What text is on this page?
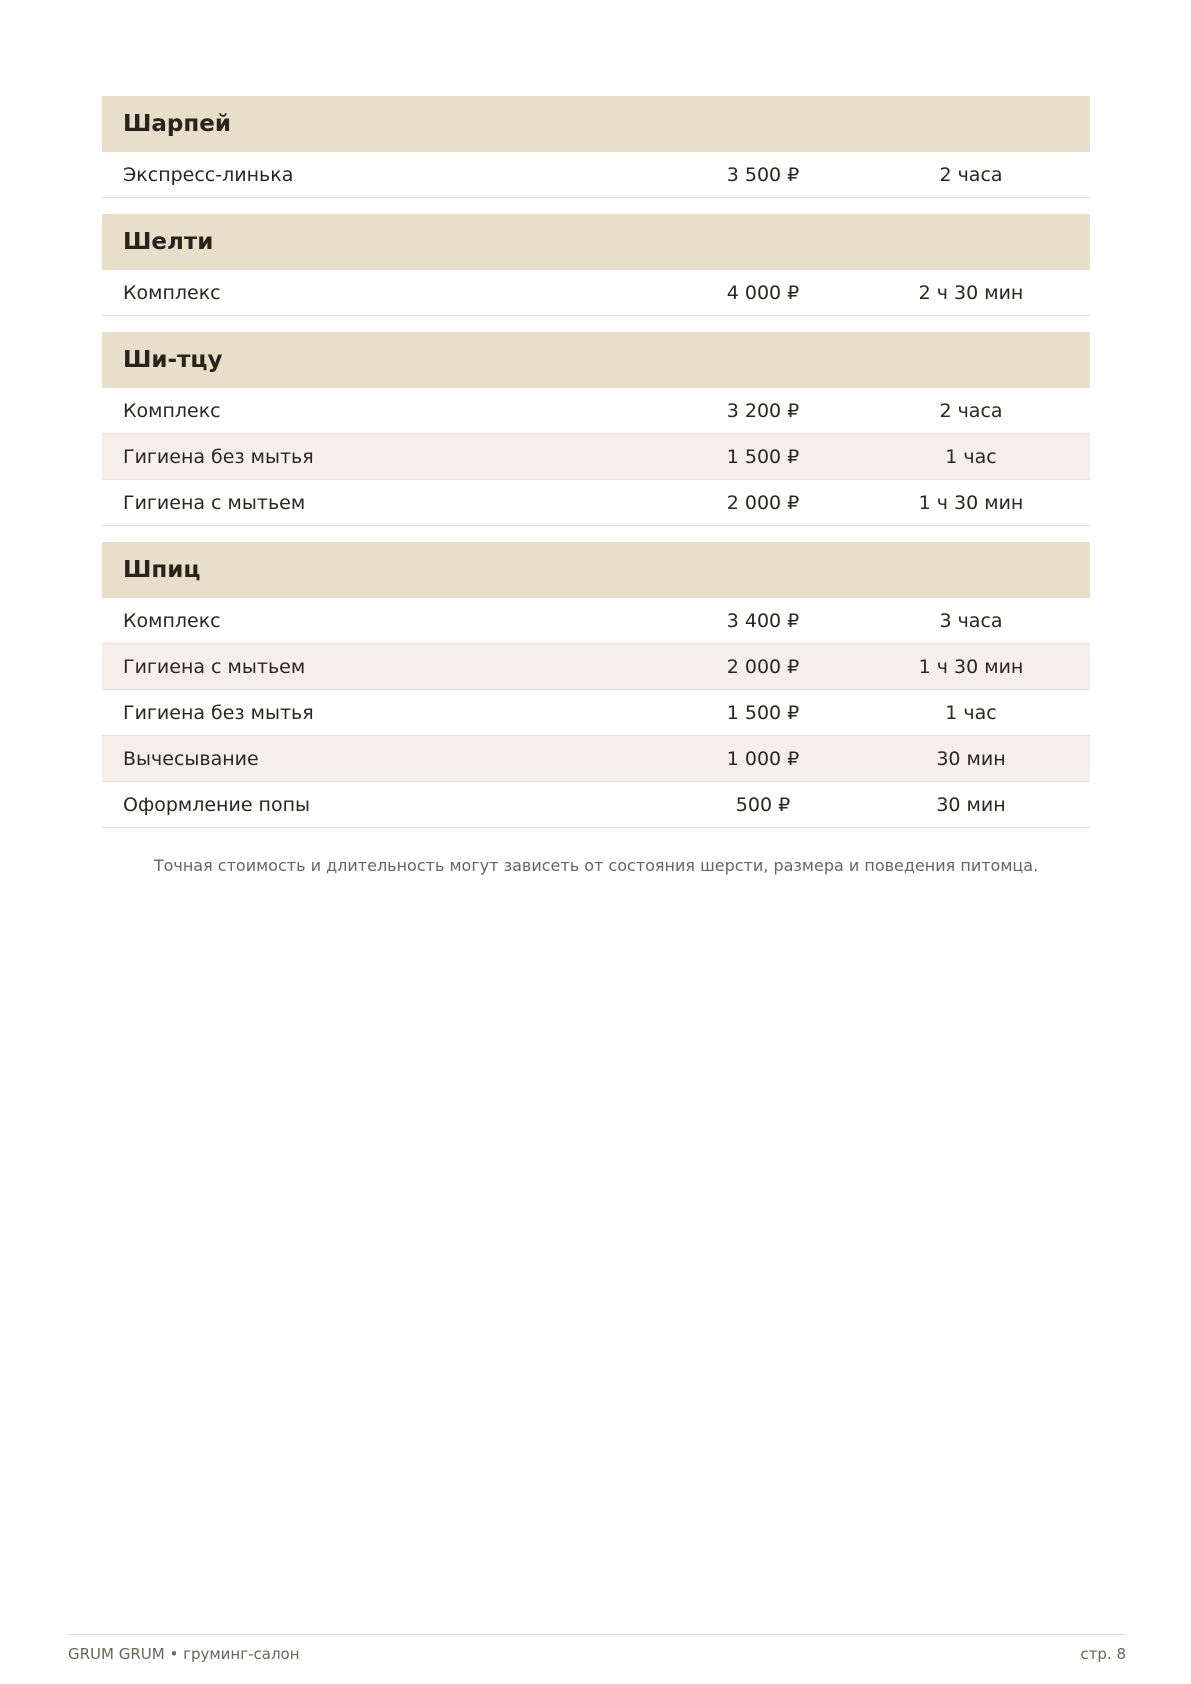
Шарпей
Экспресс-линька	3 500 ₽	2 часа
Шелти
Комплекс	4 000 ₽	2 ч 30 мин
Ши-тцу
Комплекс	3 200 ₽	2 часа
Гигиена без мытья	1 500 ₽	1 час
Гигиена с мытьем	2 000 ₽	1 ч 30 мин
Шпиц
Комплекс	3 400 ₽	3 часа
Гигиена с мытьем	2 000 ₽	1 ч 30 мин
Гигиена без мытья	1 500 ₽	1 час
Вычесывание	1 000 ₽	30 мин
Оформление попы	500 ₽	30 мин
Точная стоимость и длительность могут зависеть от состояния шерсти, размера и поведения питомца.
GRUM GRUM • груминг-салон	стр. 8
